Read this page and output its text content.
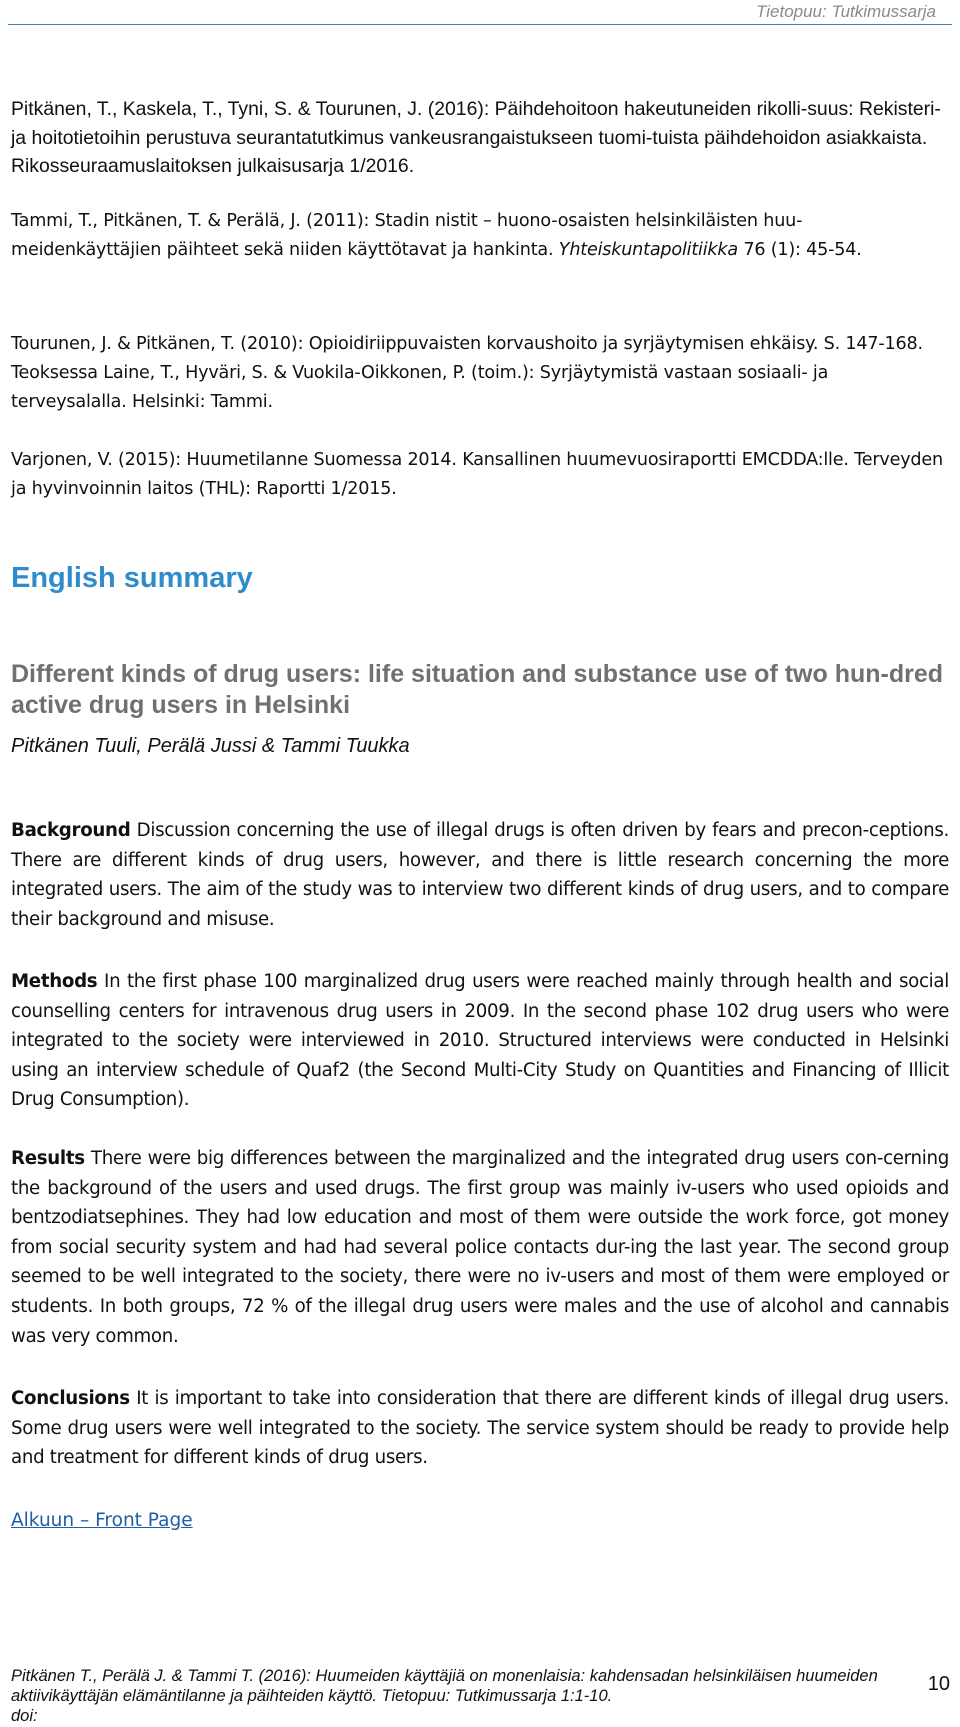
Tietopuu: Tutkimussarja

Pitkänen, T., Kaskela, T., Tyni, S. & Tourunen, J. (2016): Päihdehoitoon hakeutuneiden rikolli-suus: Rekisteri- ja hoitotietoihin perustuva seurantatutkimus vankeusrangaistukseen tuomi-tuista päihdehoidon asiakkaista. Rikosseuraamuslaitoksen julkaisusarja 1/2016.

Tammi, T., Pitkänen, T. & Perälä, J. (2011): Stadin nistit – huono-osaisten helsinkiläisten huu-meidenkäyttäjien päihteet sekä niiden käyttötavat ja hankinta. Yhteiskuntapolitiikka 76 (1): 45-54.

Tourunen, J. & Pitkänen, T. (2010): Opioidiriippuvaisten korvaushoito ja syrjäytymisen ehkäisy. S. 147-168. Teoksessa Laine, T., Hyväri, S. & Vuokila-Oikkonen, P. (toim.): Syrjäytymistä vastaan sosiaali- ja terveysalalla. Helsinki: Tammi.

Varjonen, V. (2015): Huumetilanne Suomessa 2014. Kansallinen huumevuosiraportti EMCDDA:lle. Terveyden ja hyvinvoinnin laitos (THL): Raportti 1/2015.

English summary
Different kinds of drug users: life situation and substance use of two hun-dred active drug users in Helsinki

Pitkänen Tuuli, Perälä Jussi & Tammi Tuukka

Background Discussion concerning the use of illegal drugs is often driven by fears and precon-ceptions. There are different kinds of drug users, however, and there is little research concerning the more integrated users. The aim of the study was to interview two different kinds of drug users, and to compare their background and misuse.

Methods In the first phase 100 marginalized drug users were reached mainly through health and social counselling centers for intravenous drug users in 2009. In the second phase 102 drug users who were integrated to the society were interviewed in 2010. Structured interviews were conducted in Helsinki using an interview schedule of Quaf2 (the Second Multi-City Study on Quantities and Financing of Illicit Drug Consumption).

Results There were big differences between the marginalized and the integrated drug users con-cerning the background of the users and used drugs. The first group was mainly iv-users who used opioids and bentzodiatsephines. They had low education and most of them were outside the work force, got money from social security system and had had several police contacts dur-ing the last year. The second group seemed to be well integrated to the society, there were no iv-users and most of them were employed or students. In both groups, 72 % of the illegal drug users were males and the use of alcohol and cannabis was very common.

Conclusions It is important to take into consideration that there are different kinds of illegal drug users. Some drug users were well integrated to the society. The service system should be ready to provide help and treatment for different kinds of drug users.

Alkuun – Front Page

Pitkänen T., Perälä J. & Tammi T. (2016): Huumeiden käyttäjiä on monenlaisia: kahdensadan helsinkiläisen huumeiden aktiivikäyttäjän elämäntilanne ja päihteiden käyttö. Tietopuu: Tutkimussarja 1:1-10.
doi:

10
